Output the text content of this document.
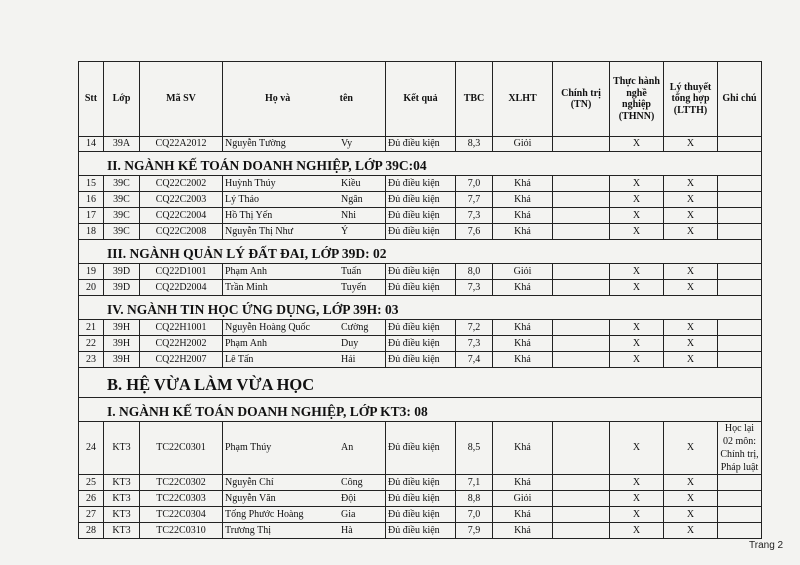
Stt	Lớp	Mã SV	Họ và tên	Kết quả	TBC	XLHT	Chính trị (TN)	Thực hành nghề nghiệp (THNN)	Lý thuyết tổng hợp (LTTH)	Ghi chú
14	39A	CQ22A2012	Nguyễn Tường Vy	Đủ điều kiện	8,3	Giỏi		X	X	
II. NGÀNH KẾ TOÁN DOANH NGHIỆP, LỚP 39C:04										
15	39C	CQ22C2002	Huỳnh Thúy Kiều	Đủ điều kiện	7,0	Khá		X	X	
16	39C	CQ22C2003	Lý Thảo Ngân	Đủ điều kiện	7,7	Khá		X	X	
17	39C	CQ22C2004	Hồ Thị Yến Nhi	Đủ điều kiện	7,3	Khá		X	X	
18	39C	CQ22C2008	Nguyễn Thị Như Ý	Đủ điều kiện	7,6	Khá		X	X	
III. NGÀNH QUẢN LÝ ĐẤT ĐAI, LỚP 39D: 02										
19	39D	CQ22D1001	Phạm Anh Tuấn	Đủ điều kiện	8,0	Giỏi		X	X	
20	39D	CQ22D2004	Trần Minh Tuyến	Đủ điều kiện	7,3	Khá		X	X	
IV. NGÀNH TIN HỌC ỨNG DỤNG, LỚP 39H: 03										
21	39H	CQ22H1001	Nguyễn Hoàng Quốc Cường	Đủ điều kiện	7,2	Khá		X	X	
22	39H	CQ22H2002	Phạm Anh Duy	Đủ điều kiện	7,3	Khá		X	X	
23	39H	CQ22H2007	Lê Tấn Hải	Đủ điều kiện	7,4	Khá		X	X	
B. HỆ VỪA LÀM VỪA HỌC										
I. NGÀNH KẾ TOÁN DOANH NGHIỆP, LỚP KT3: 08										
24	KT3	TC22C0301	Phạm Thúy An	Đủ điều kiện	8,5	Khá		X	X	Học lại 02 môn: Chính trị, Pháp luật
25	KT3	TC22C0302	Nguyễn Chí Công	Đủ điều kiện	7,1	Khá		X	X	
26	KT3	TC22C0303	Nguyễn Văn Đội	Đủ điều kiện	8,8	Giỏi		X	X	
27	KT3	TC22C0304	Tống Phước Hoàng Gia	Đủ điều kiện	7,0	Khá		X	X	
28	KT3	TC22C0310	Trương Thị Hà	Đủ điều kiện	7,9	Khá		X	X	
Trang 2
